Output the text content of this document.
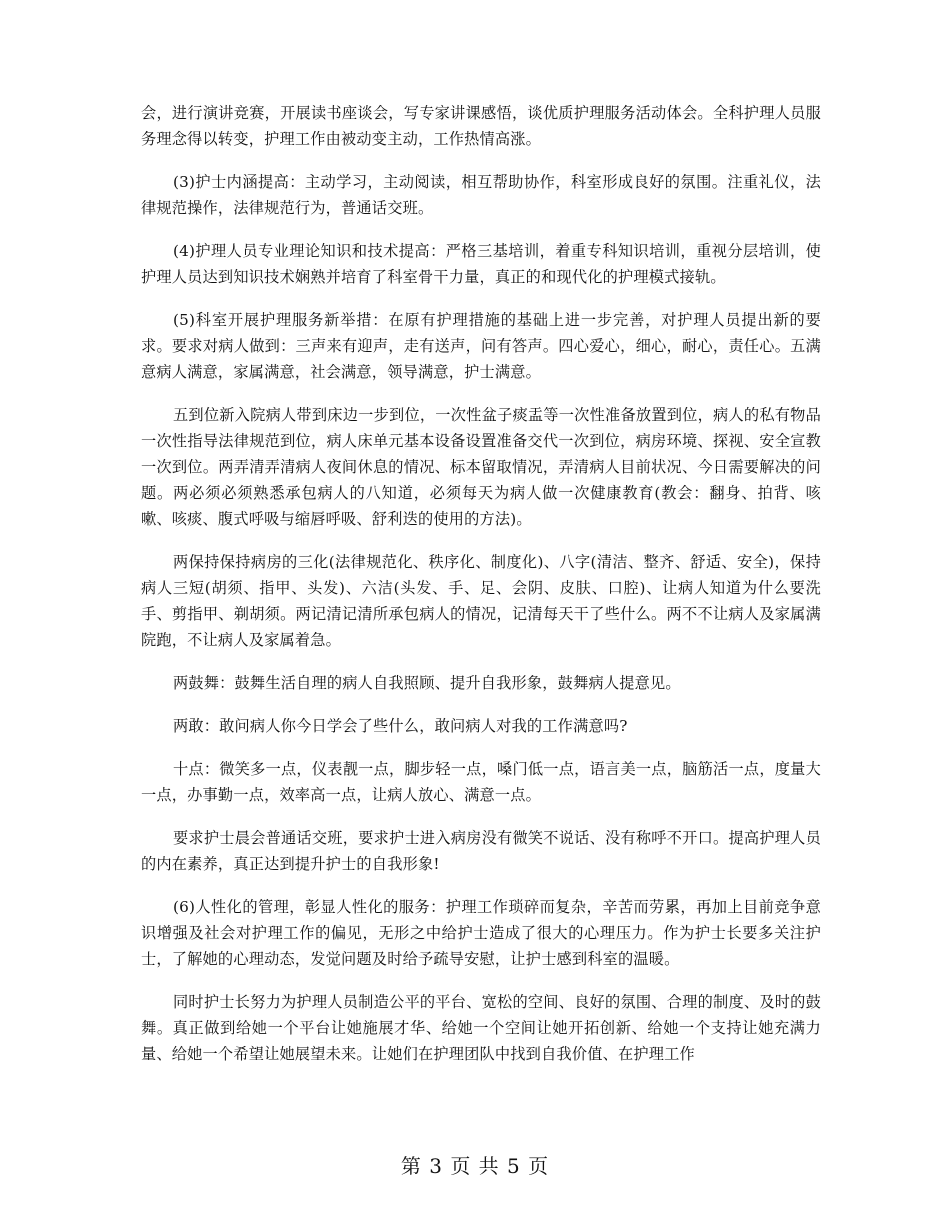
会，进行演讲竞赛，开展读书座谈会，写专家讲课感悟，谈优质护理服务活动体会。全科护理人员服务理念得以转变，护理工作由被动变主动，工作热情高涨。

(3)护士内涵提高：主动学习，主动阅读，相互帮助协作，科室形成良好的氛围。注重礼仪，法律规范操作，法律规范行为，普通话交班。

(4)护理人员专业理论知识和技术提高：严格三基培训，着重专科知识培训，重视分层培训，使护理人员达到知识技术娴熟并培育了科室骨干力量，真正的和现代化的护理模式接轨。

(5)科室开展护理服务新举措：在原有护理措施的基础上进一步完善，对护理人员提出新的要求。要求对病人做到：三声来有迎声，走有送声，问有答声。四心爱心，细心，耐心，责任心。五满意病人满意，家属满意，社会满意，领导满意，护士满意。

五到位新入院病人带到床边一步到位，一次性盆子痰盂等一次性准备放置到位，病人的私有物品一次性指导法律规范到位，病人床单元基本设备设置准备交代一次到位，病房环境、探视、安全宣教一次到位。两弄清弄清病人夜间休息的情况、标本留取情况，弄清病人目前状况、今日需要解决的问题。两必须必须熟悉承包病人的八知道，必须每天为病人做一次健康教育(教会：翻身、拍背、咳嗽、咳痰、腹式呼吸与缩唇呼吸、舒利迭的使用的方法)。

两保持保持病房的三化(法律规范化、秩序化、制度化)、八字(清洁、整齐、舒适、安全)，保持病人三短(胡须、指甲、头发)、六洁(头发、手、足、会阴、皮肤、口腔)、让病人知道为什么要洗手、剪指甲、剃胡须。两记清记清所承包病人的情况，记清每天干了些什么。两不不让病人及家属满院跑，不让病人及家属着急。

两鼓舞：鼓舞生活自理的病人自我照顾、提升自我形象，鼓舞病人提意见。

两敢：敢问病人你今日学会了些什么，敢问病人对我的工作满意吗?

十点：微笑多一点，仪表靓一点，脚步轻一点，嗓门低一点，语言美一点，脑筋活一点，度量大一点，办事勤一点，效率高一点，让病人放心、满意一点。

要求护士晨会普通话交班，要求护士进入病房没有微笑不说话、没有称呼不开口。提高护理人员的内在素养，真正达到提升护士的自我形象!

(6)人性化的管理，彰显人性化的服务：护理工作琐碎而复杂，辛苦而劳累，再加上目前竞争意识增强及社会对护理工作的偏见，无形之中给护士造成了很大的心理压力。作为护士长要多关注护士，了解她的心理动态，发觉问题及时给予疏导安慰，让护士感到科室的温暖。

同时护士长努力为护理人员制造公平的平台、宽松的空间、良好的氛围、合理的制度、及时的鼓舞。真正做到给她一个平台让她施展才华、给她一个空间让她开拓创新、给她一个支持让她充满力量、给她一个希望让她展望未来。让她们在护理团队中找到自我价值、在护理工作

第 3 页 共 5 页
